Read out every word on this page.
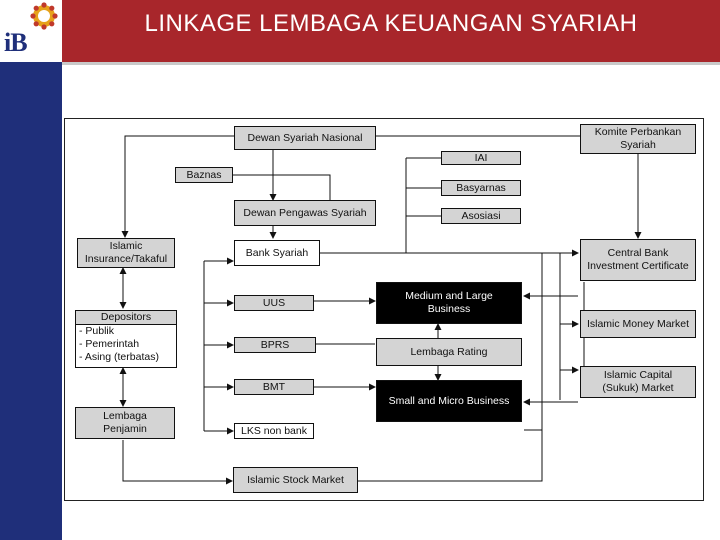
iB
LINKAGE LEMBAGA KEUANGAN SYARIAH
Dewan Syariah Nasional	Komite Perbankan
Syariah
IAI
Baznas
Basyarnas
Dewan Pengawas Syariah	Asosiasi
Islamic
Insurance/Takaful
Bank Syariah	Central Bank
Investment Certificate
Depositors
- Publik
- Pemerintah
- Asing (terbatas)
UUS
Medium and Large
Business
Islamic Money Market
BPRS
Lembaga Rating
Islamic Capital
(Sukuk) Market
BMT
Small and Micro Business
Lembaga
Penjamin	LKS non bank
Islamic Stock Market
